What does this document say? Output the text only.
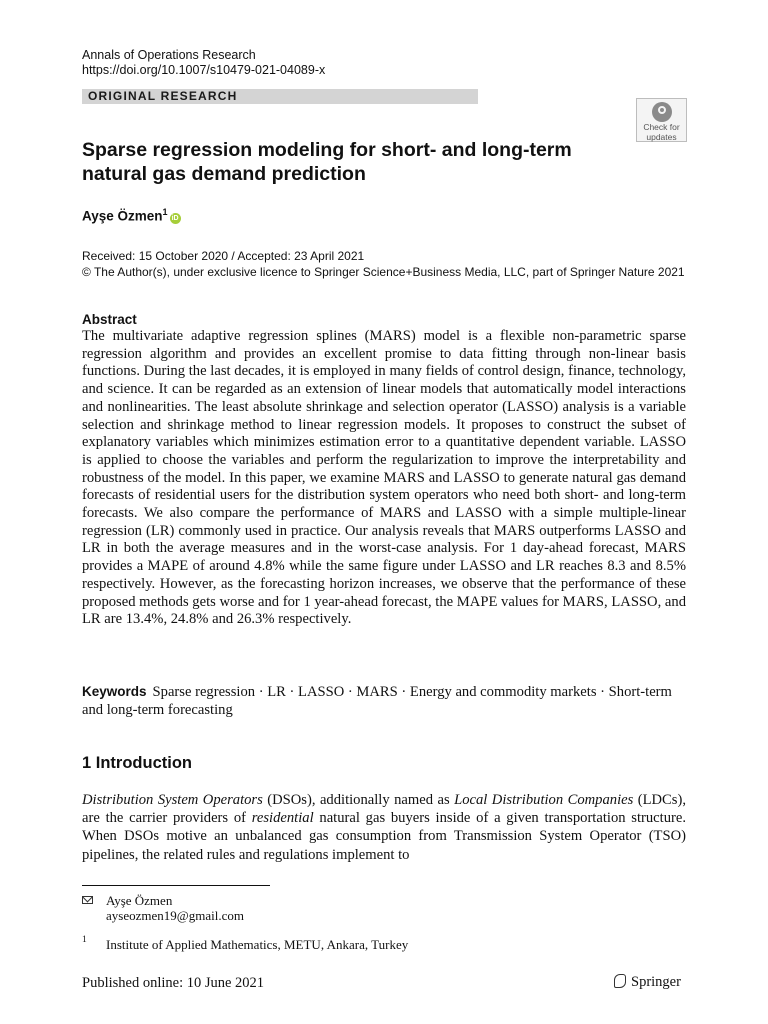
Annals of Operations Research
https://doi.org/10.1007/s10479-021-04089-x
ORIGINAL RESEARCH
Check for
updates
Sparse regression modeling for short- and long-term
natural gas demand prediction
Ayşe Özmen$^1$iD
Received: 15 October 2020 / Accepted: 23 April 2021
© The Author(s), under exclusive licence to Springer Science+Business Media, LLC, part of Springer Nature 2021
Abstract

The multivariate adaptive regression splines (MARS) model is a flexible non-parametric sparse regression algorithm and provides an excellent promise to data fitting through non-linear basis functions. During the last decades, it is employed in many fields of control design, finance, technology, and science. It can be regarded as an extension of linear models that automatically model interactions and nonlinearities. The least absolute shrinkage and selection operator (LASSO) analysis is a variable selection and shrinkage method to linear regression models. It proposes to construct the subset of explanatory variables which minimizes estimation error to a quantitative dependent variable. LASSO is applied to choose the variables and perform the regularization to improve the interpretability and robustness of the model. In this paper, we examine MARS and LASSO to generate natural gas demand forecasts of residential users for the distribution system operators who need both short- and long-term forecasts. We also compare the performance of MARS and LASSO with a simple multiple-linear regression (LR) commonly used in practice. Our analysis reveals that MARS outperforms LASSO and LR in both the average measures and in the worst-case analysis. For 1 day-ahead forecast, MARS provides a MAPE of around 4.8% while the same figure under LASSO and LR reaches 8.3 and 8.5% respectively. However, as the forecasting horizon increases, we observe that the performance of these proposed methods gets worse and for 1 year-ahead forecast, the MAPE values for MARS, LASSO, and LR are 13.4%, 24.8% and 26.3% respectively.

Keywords Sparse regression · LR · LASSO · MARS · Energy and commodity markets · Short-term and long-term forecasting
1 Introduction

Distribution System Operators (DSOs), additionally named as Local Distribution Companies (LDCs), are the carrier providers of residential natural gas buyers inside of a given transportation structure. When DSOs motive an unbalanced gas consumption from Transmission System Operator (TSO) pipelines, the related rules and regulations implement to

Ayşe Özmen
ayseozmen19@gmail.com
1 Institute of Applied Mathematics, METU, Ankara, Turkey
Published online: 10 June 2021	Springer
